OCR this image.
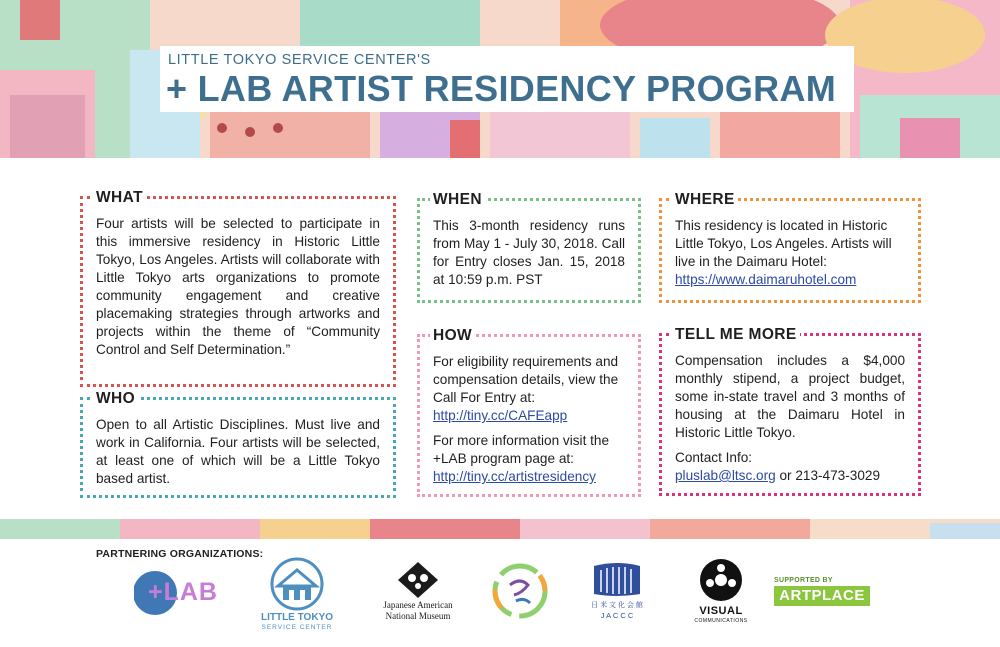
LITTLE TOKYO SERVICE CENTER'S
+ LAB ARTIST RESIDENCY PROGRAM
WHAT
Four artists will be selected to participate in this immersive residency in Historic Little Tokyo, Los Angeles. Artists will collaborate with Little Tokyo arts organizations to promote community engagement and creative placemaking strategies through artworks and projects within the theme of “Community Control and Self Determination.”
WHO
Open to all Artistic Disciplines. Must live and work in California. Four artists will be selected, at least one of which will be a Little Tokyo based artist.
WHEN
This 3-month residency runs from May 1 - July 30, 2018. Call for Entry closes Jan. 15, 2018 at 10:59 p.m. PST
HOW

For eligibility requirements and compensation details, view the Call For Entry at:

http://tiny.cc/CAFEapp

For more information visit the +LAB program page at:

http://tiny.cc/artistresidency

WHERE

This residency is located in Historic Little Tokyo, Los Angeles. Artists will live in the Daimaru Hotel:

https://www.daimaruhotel.com

TELL ME MORE

Compensation includes a $4,000 monthly stipend, a project budget, some in-state travel and 3 months of housing at the Daimaru Hotel in Historic Little Tokyo.

Contact Info:

pluslab@ltsc.org or 213-473-3029

PARTNERING ORGANIZATIONS:
+LAB
LITTLE TOKYO
SERVICE CENTER
Japanese American
National Museum
日 米 文 化 会 館
J A C C C	VISUAL
COMMUNICATIONS
SUPPORTED BY
ARTPLACE
